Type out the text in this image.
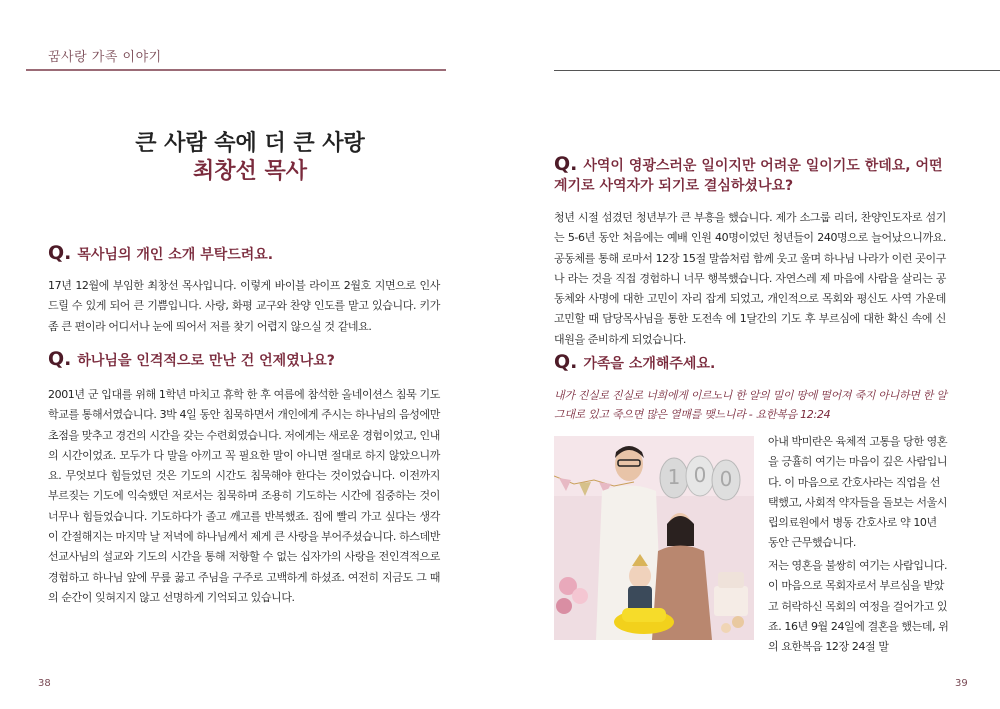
꿈사랑 가족 이야기
큰 사람 속에 더 큰 사랑
최창선 목사
Q. 목사님의 개인 소개 부탁드려요.
17년 12월에 부임한 최창선 목사입니다. 이렇게 바이블 라이프 2월호 지면으로 인사드릴 수 있게 되어 큰 기쁨입니다. 사랑, 화평 교구와 찬양 인도를 맡고 있습니다. 키가 좀 큰 편이라 어디서나 눈에 띄어서 저를 찾기 어렵지 않으실 것 같네요.
Q. 하나님을 인격적으로 만난 건 언제였나요?
2001년 군 입대를 위해 1학년 마치고 휴학 한 후 여름에 참석한 올네이션스 침묵 기도학교를 통해서였습니다. 3박 4일 동안 침묵하면서 개인에게 주시는 하나님의 음성에만 초점을 맞추고 경건의 시간을 갖는 수련회였습니다. 저에게는 새로운 경험이었고, 인내의 시간이었죠. 모두가 다 말을 아끼고 꼭 필요한 말이 아니면 절대로 하지 않았으니까요. 무엇보다 힘들었던 것은 기도의 시간도 침묵해야 한다는 것이었습니다. 이전까지 부르짖는 기도에 익숙했던 저로서는 침묵하며 조용히 기도하는 시간에 집중하는 것이 너무나 힘들었습니다. 기도하다가 졸고 깨고를 반복했죠. 집에 빨리 가고 싶다는 생각이 간절해지는 마지막 날 저녁에 하나님께서 제게 큰 사랑을 부어주셨습니다. 하스데반 선교사님의 설교와 기도의 시간을 통해 저항할 수 없는 십자가의 사랑을 전인격적으로 경험하고 하나님 앞에 무릎 꿇고 주님을 구주로 고백하게 하셨죠. 여전히 지금도 그 때의 순간이 잊혀지지 않고 선명하게 기억되고 있습니다.
38
Q. 사역이 영광스러운 일이지만 어려운 일이기도 한데요, 어떤 계기로 사역자가 되기로 결심하셨나요?
청년 시절 섬겼던 청년부가 큰 부흥을 했습니다. 제가 소그룹 리더, 찬양인도자로 섬기는 5-6년 동안 처음에는 예배 인원 40명이었던 청년들이 240명으로 늘어났으니까요. 공동체를 통해 로마서 12장 15절 말씀처럼 함께 웃고 울며 하나님 나라가 이런 곳이구나 라는 것을 직접 경험하니 너무 행복했습니다. 자연스레 제 마음에 사람을 살리는 공동체와 사명에 대한 고민이 자리 잡게 되었고, 개인적으로 목회와 평신도 사역 가운데 고민할 때 담당목사님을 통한 도전속 에 1달간의 기도 후 부르심에 대한 확신 속에 신대원을 준비하게 되었습니다.
Q. 가족을 소개해주세요.
내가 진실로 진실로 너희에게 이르노니 한 알의 밀이 땅에 떨어져 죽지 아니하면 한 알 그대로 있고 죽으면 많은 열매를 맺느니라 - 요한복음 12:24
1 0 0
아내 박미란은 육체적 고통을 당한 영혼을 긍휼히 여기는 마음이 깊은 사람입니다. 이 마음으로 간호사라는 직업을 선택했고, 사회적 약자들을 돌보는 서울시립의료원에서 병동 간호사로 약 10년 동안 근무했습니다.
저는 영혼을 불쌍히 여기는 사람입니다. 이 마음으로 목회자로서 부르심을 받았고 허락하신 목회의 여정을 걸어가고 있죠. 16년 9월 24일에 결혼을 했는데, 위의 요한복음 12장 24절 말
39
